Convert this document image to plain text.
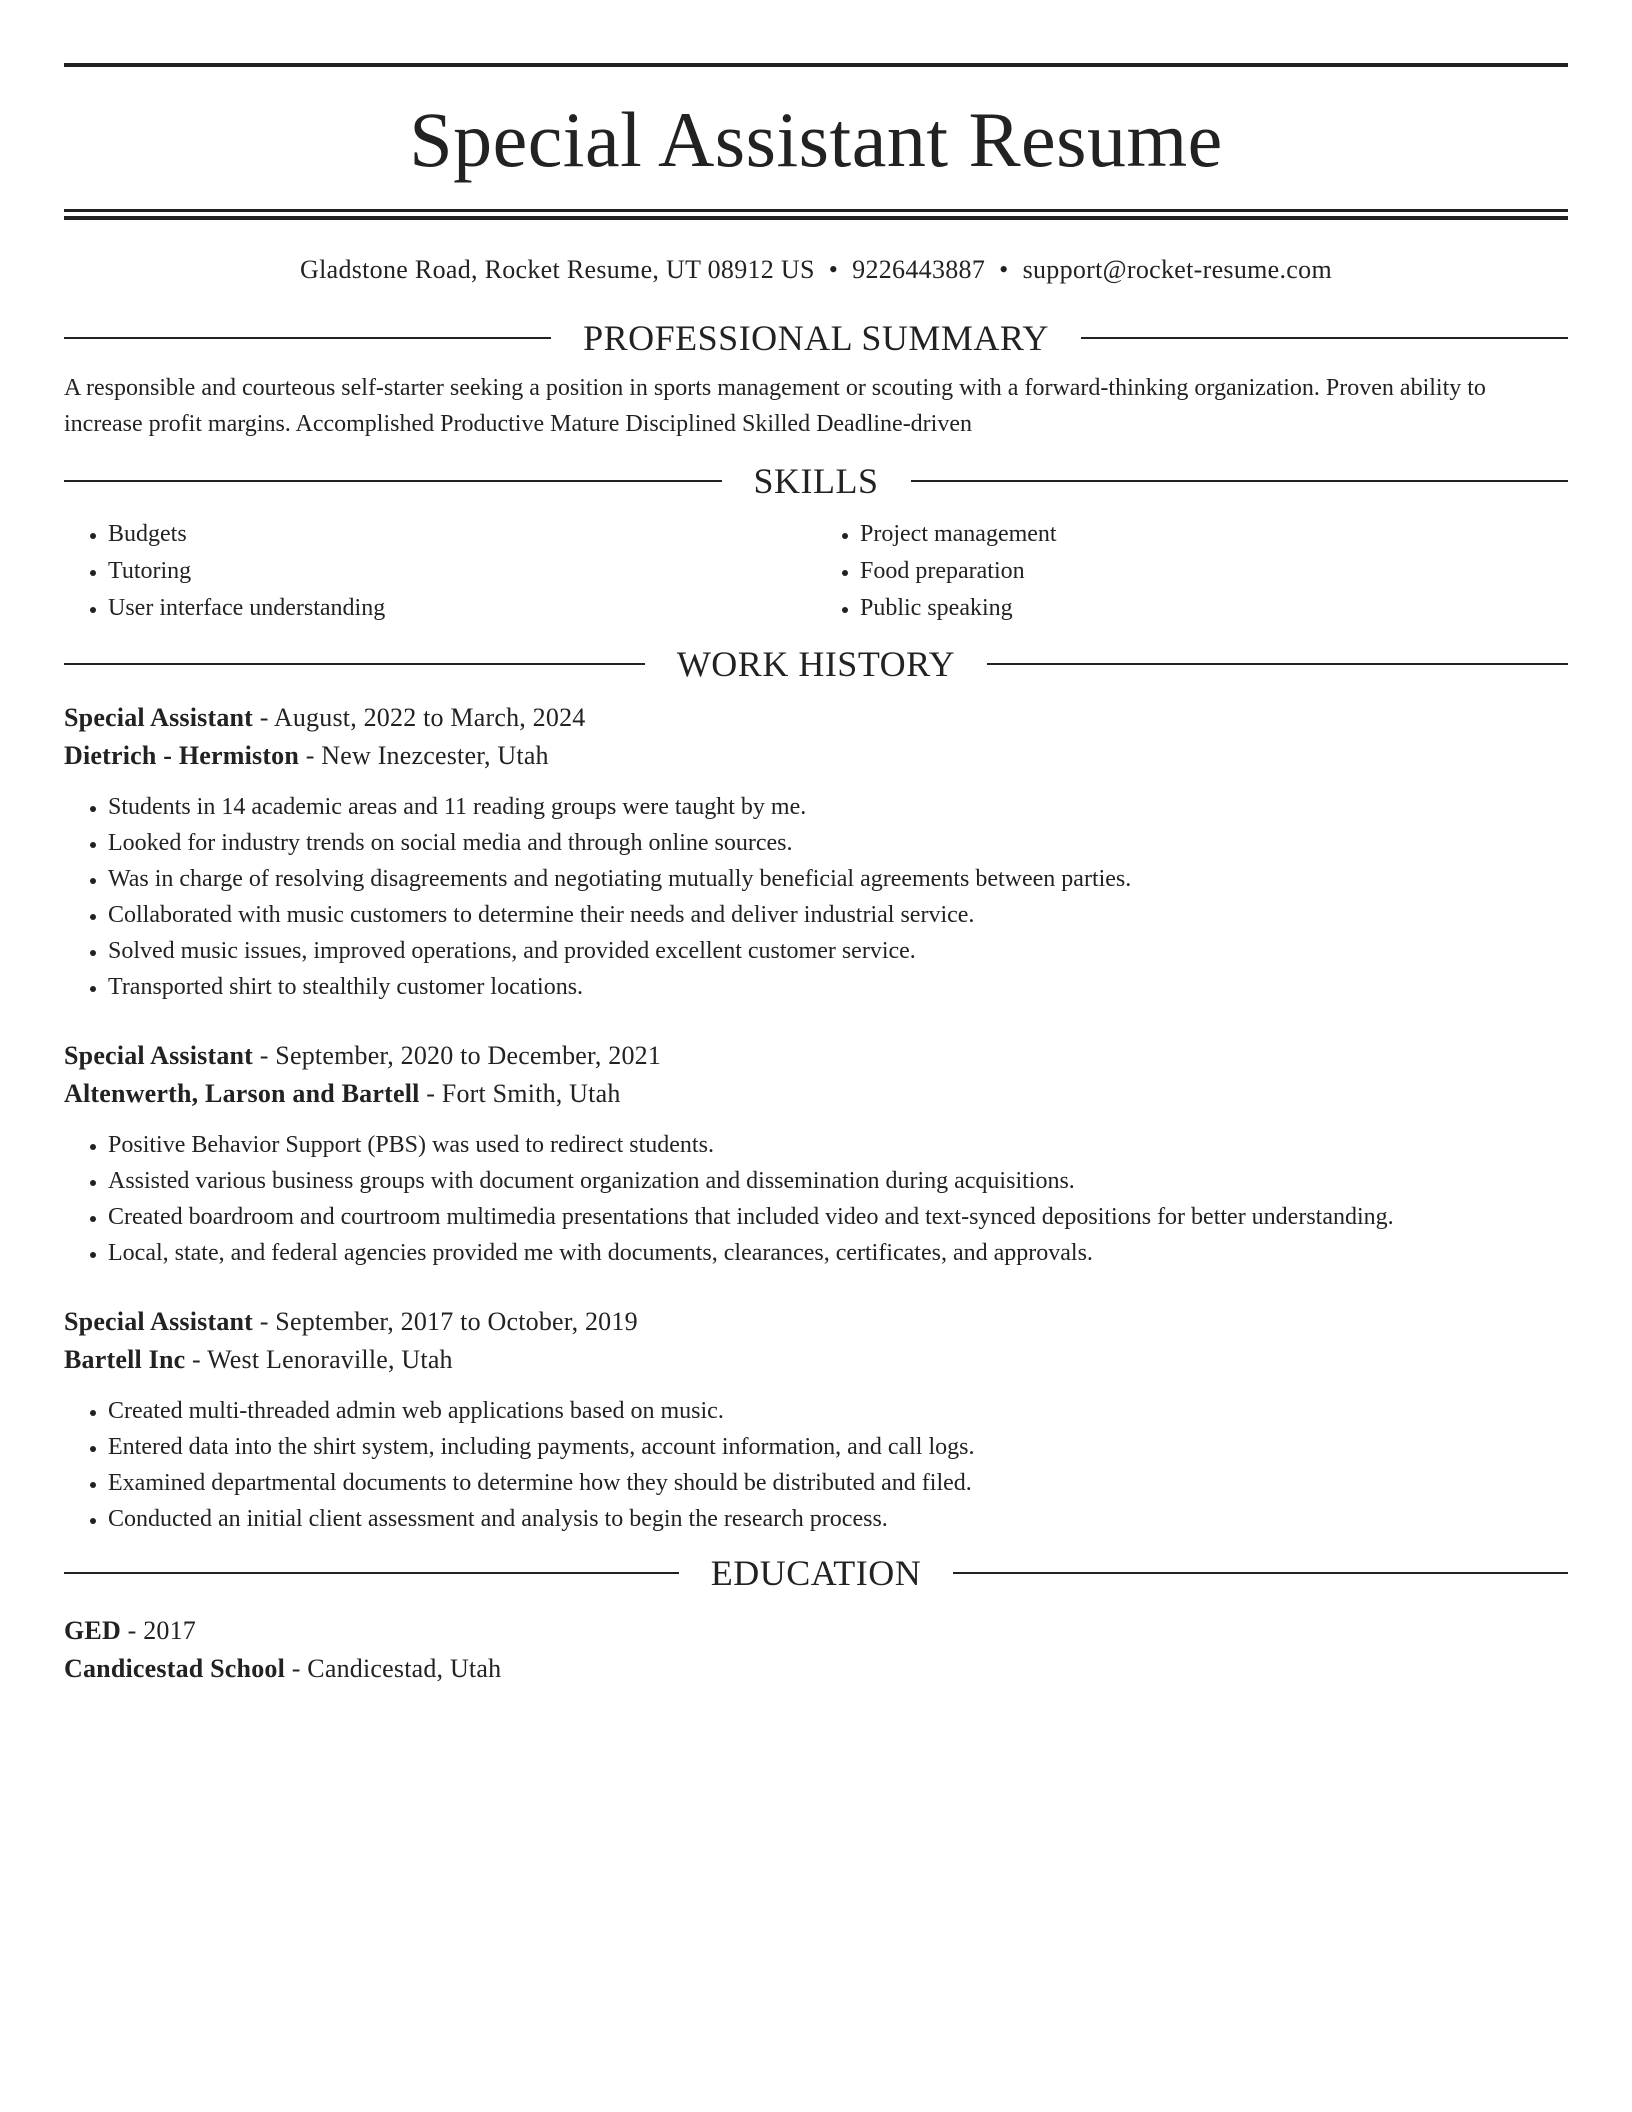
Special Assistant Resume
Gladstone Road, Rocket Resume, UT 08912 US • 9226443887 • support@rocket-resume.com
PROFESSIONAL SUMMARY

A responsible and courteous self-starter seeking a position in sports management or scouting with a forward-thinking organization. Proven ability to increase profit margins. Accomplished Productive Mature Disciplined Skilled Deadline-driven

SKILLS
• Budgets
• Tutoring
• User interface understanding
• Project management
• Food preparation
• Public speaking
WORK HISTORY
Special Assistant - August, 2022 to March, 2024
Dietrich - Hermiston - New Inezcester, Utah
• Students in 14 academic areas and 11 reading groups were taught by me.
• Looked for industry trends on social media and through online sources.
• Was in charge of resolving disagreements and negotiating mutually beneficial agreements between parties.
• Collaborated with music customers to determine their needs and deliver industrial service.
• Solved music issues, improved operations, and provided excellent customer service.
• Transported shirt to stealthily customer locations.
Special Assistant - September, 2020 to December, 2021
Altenwerth, Larson and Bartell - Fort Smith, Utah
• Positive Behavior Support (PBS) was used to redirect students.
• Assisted various business groups with document organization and dissemination during acquisitions.
• Created boardroom and courtroom multimedia presentations that included video and text-synced depositions for better understanding.
• Local, state, and federal agencies provided me with documents, clearances, certificates, and approvals.
Special Assistant - September, 2017 to October, 2019
Bartell Inc - West Lenoraville, Utah
• Created multi-threaded admin web applications based on music.
• Entered data into the shirt system, including payments, account information, and call logs.
• Examined departmental documents to determine how they should be distributed and filed.
• Conducted an initial client assessment and analysis to begin the research process.
EDUCATION
GED - 2017
Candicestad School - Candicestad, Utah
